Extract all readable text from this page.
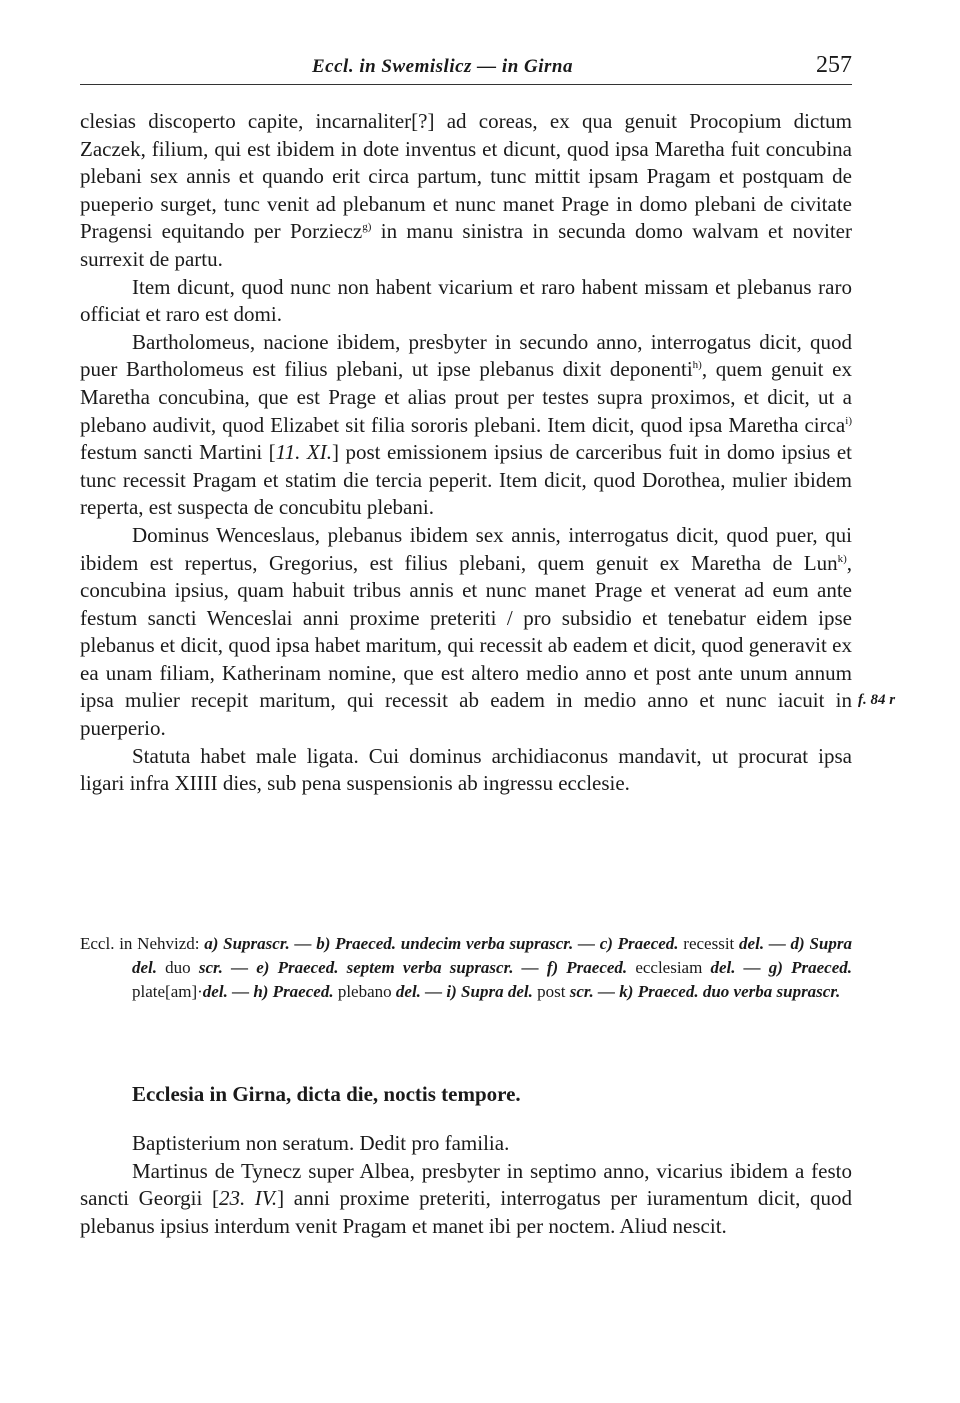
Eccl. in Swemislicz — in Girna	257

clesias discoperto capite, incarnaliter[?] ad coreas, ex qua genuit Procopium dictum Zaczek, filium, qui est ibidem in dote inventus et dicunt, quod ipsa Maretha fuit concubina plebani sex annis et quando erit circa partum, tunc mittit ipsam Pragam et postquam de pueperio surget, tunc venit ad plebanum et nunc manet Prage in domo plebani de civitate Pragensi equitando per Porziecz$^{g)}$ in manu sinistra in secunda domo walvam et noviter surrexit de partu.

Item dicunt, quod nunc non habent vicarium et raro habent missam et plebanus raro officiat et raro est domi.

Bartholomeus, nacione ibidem, presbyter in secundo anno, interrogatus dicit, quod puer Bartholomeus est filius plebani, ut ipse plebanus dixit deponenti$^{h)}$, quem genuit ex Maretha concubina, que est Prage et alias prout per testes supra proximos, et dicit, ut a plebano audivit, quod Elizabet sit filia sororis plebani. Item dicit, quod ipsa Maretha circa$^{i)}$ festum sancti Martini [11. XI.] post emissionem ipsius de carceribus fuit in domo ipsius et tunc recessit Pragam et statim die tercia peperit. Item dicit, quod Dorothea, mulier ibidem reperta, est suspecta de concubitu plebani.

Dominus Wenceslaus, plebanus ibidem sex annis, interrogatus dicit, quod puer, qui ibidem est repertus, Gregorius, est filius plebani, quem genuit ex Maretha de Lun$^{k)}$, concubina ipsius, quam habuit tribus annis et nunc manet Prage et venerat ad eum ante festum sancti Wenceslai anni proxime preteriti / pro subsidio et tenebatur eidem ipse plebanus et dicit, quod ipsa habet maritum, qui recessit ab eadem et dicit, quod generavit ex ea unam filiam, Katherinam nomine, que est altero medio anno et post ante unum annum ipsa mulier recepit maritum, qui recessit ab eadem in medio anno et nunc iacuit in puerperio.

Statuta habet male ligata. Cui dominus archidiaconus mandavit, ut procurat ipsa ligari infra XIIII dies, sub pena suspensionis ab ingressu ecclesie.

f. 84 r
Eccl. in Nehvizd: a) Suprascr. — b) Praeced. undecim verba suprascr. — c) Praeced. recessit del. — d) Supra del. duo scr. — e) Praeced. septem verba suprascr. — f) Praeced. ecclesiam del. — g) Praeced. plate[am]·del. — h) Praeced. plebano del. — i) Supra del. post scr. — k) Praeced. duo verba suprascr.
Ecclesia in Girna, dicta die, noctis tempore.

Baptisterium non seratum. Dedit pro familia.

Martinus de Tynecz super Albea, presbyter in septimo anno, vicarius ibidem a festo sancti Georgii [23. IV.] anni proxime preteriti, interrogatus per iuramentum dicit, quod plebanus ipsius interdum venit Pragam et manet ibi per noctem. Aliud nescit.
